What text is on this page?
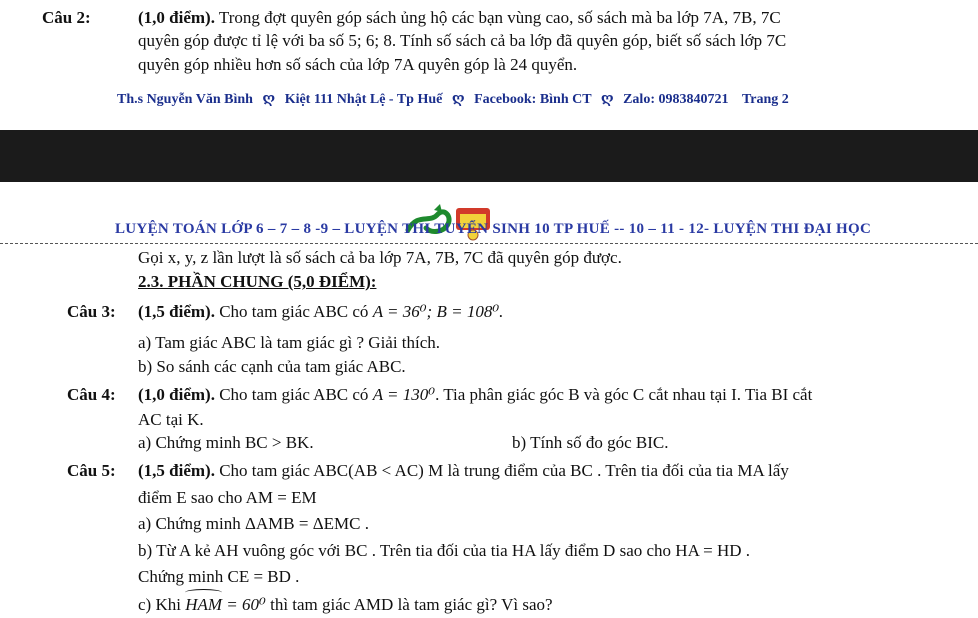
Câu 2:	(1,0 điểm). Trong đợt quyên góp sách ủng hộ các bạn vùng cao, số sách mà ba lớp 7A, 7B, 7C
quyên góp được tỉ lệ với ba số 5; 6; 8. Tính số sách cả ba lớp đã quyên góp, biết số sách lớp 7C
quyên góp nhiều hơn số sách của lớp 7A quyên góp là 24 quyển.
Th.s Nguyễn Văn Bình ღ Kiệt 111 Nhật Lệ - Tp Huế ღ Facebook: Bình CT ღ Zalo: 0983840721 Trang 2
LUYỆN TOÁN LỚP 6 – 7 – 8 -9 – LUYỆN THI TUYỂN SINH 10 TP HUẾ -- 10 – 11 - 12- LUYỆN THI ĐẠI HỌC
Gọi x, y, z lần lượt là số sách cả ba lớp 7A, 7B, 7C đã quyên góp được.
2.3. PHẦN CHUNG (5,0 ĐIỂM):
Câu 3: (1,5 điểm). Cho tam giác ABC có A = 36⁰; B = 108⁰.
a) Tam giác ABC là tam giác gì ? Giải thích.
b) So sánh các cạnh của tam giác ABC.
Câu 4: (1,0 điểm). Cho tam giác ABC có A = 130⁰. Tia phân giác góc B và góc C cắt nhau tại I. Tia BI cắt
AC tại K.
a) Chứng minh BC > BK.	b) Tính số đo góc BIC.
Câu 5: (1,5 điểm). Cho tam giác ABC(AB < AC) M là trung điểm của BC . Trên tia đối của tia MA lấy
điểm E sao cho AM = EM
a) Chứng minh ΔAMB = ΔEMC .
b) Từ A kẻ AH vuông góc với BC . Trên tia đối của tia HA lấy điểm D sao cho HA = HD .
Chứng minh CE = BD .
c) Khi HAM = 60⁰ thì tam giác AMD là tam giác gì? Vì sao?
